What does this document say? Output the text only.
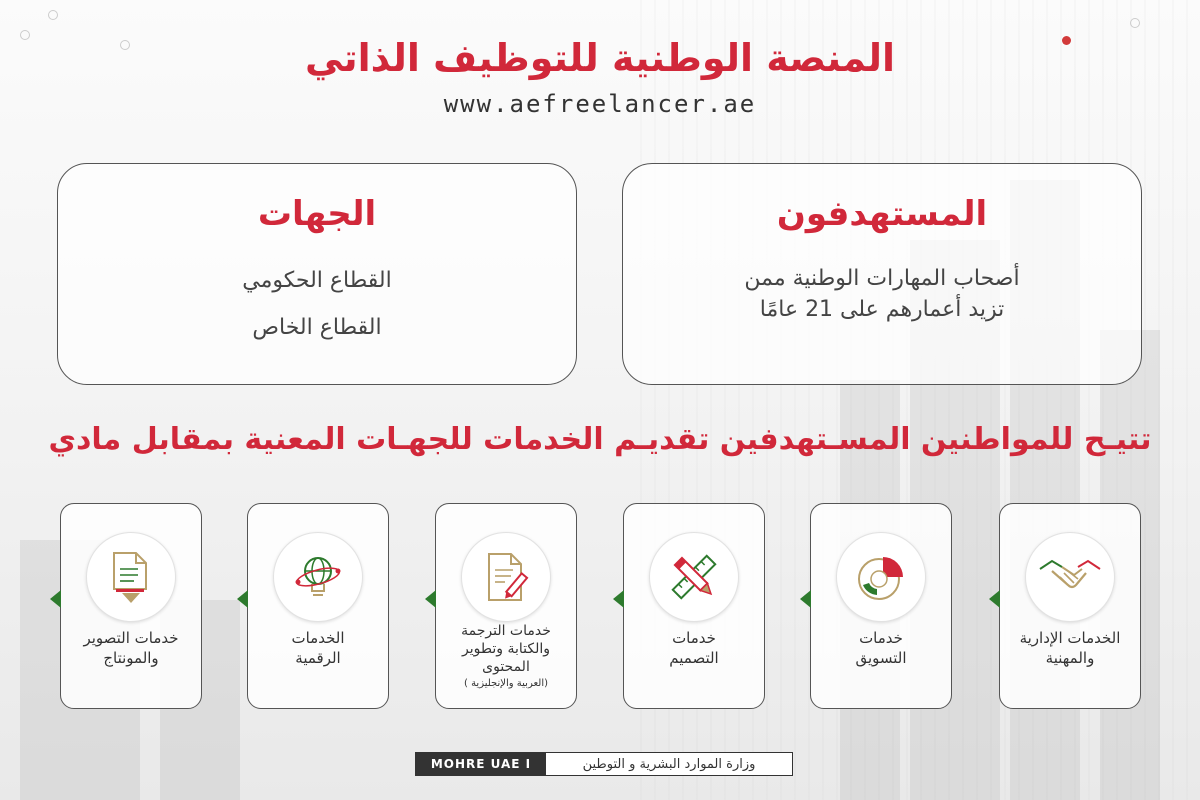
المنصة الوطنية للتوظيف الذاتي
www.aefreelancer.ae
الجهات

القطاع الحكومي

القطاع الخاص

المستهدفون

أصحاب المهارات الوطنية ممن

تزيد أعمارهم على 21 عامًا

تتيـح للمواطنين المسـتهدفين تقديـم الخدمات للجهـات المعنية بمقابل مادي
الخدمات الإدارية
والمهنية
خدمات
التسويق
خدمات
التصميم
خدمات الترجمة
والكتابة وتطوير
المحتوى
(العربية والإنجليزية )
الخدمات
الرقمية
خدمات التصوير
والمونتاج
MOHRE UAE I	وزارة الموارد البشرية و التوطين
